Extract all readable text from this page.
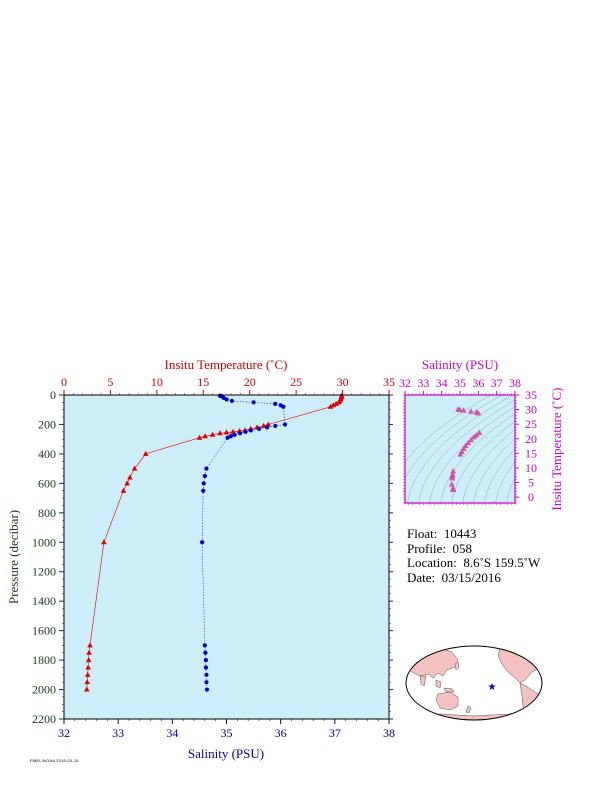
0	5	10	15	20	25	30	35
32	33	34	35	36	37	38
0
200
400
600
800
1000
1200
1400
1600
1800
2000
2200
Insitu Temperature (˚C)
Salinity (PSU)
Pressure (decibar)
32 33 34 35 36 37 38
0
5
10
15
20
25
30
35
Salinity (PSU)
Insitu Temperature (˚C)
★
Float: 10443
Profile: 058
Location: 8.6˚S 159.5˚W
Date: 03/15/2016
PMEL/NOAA 2016-03-15
